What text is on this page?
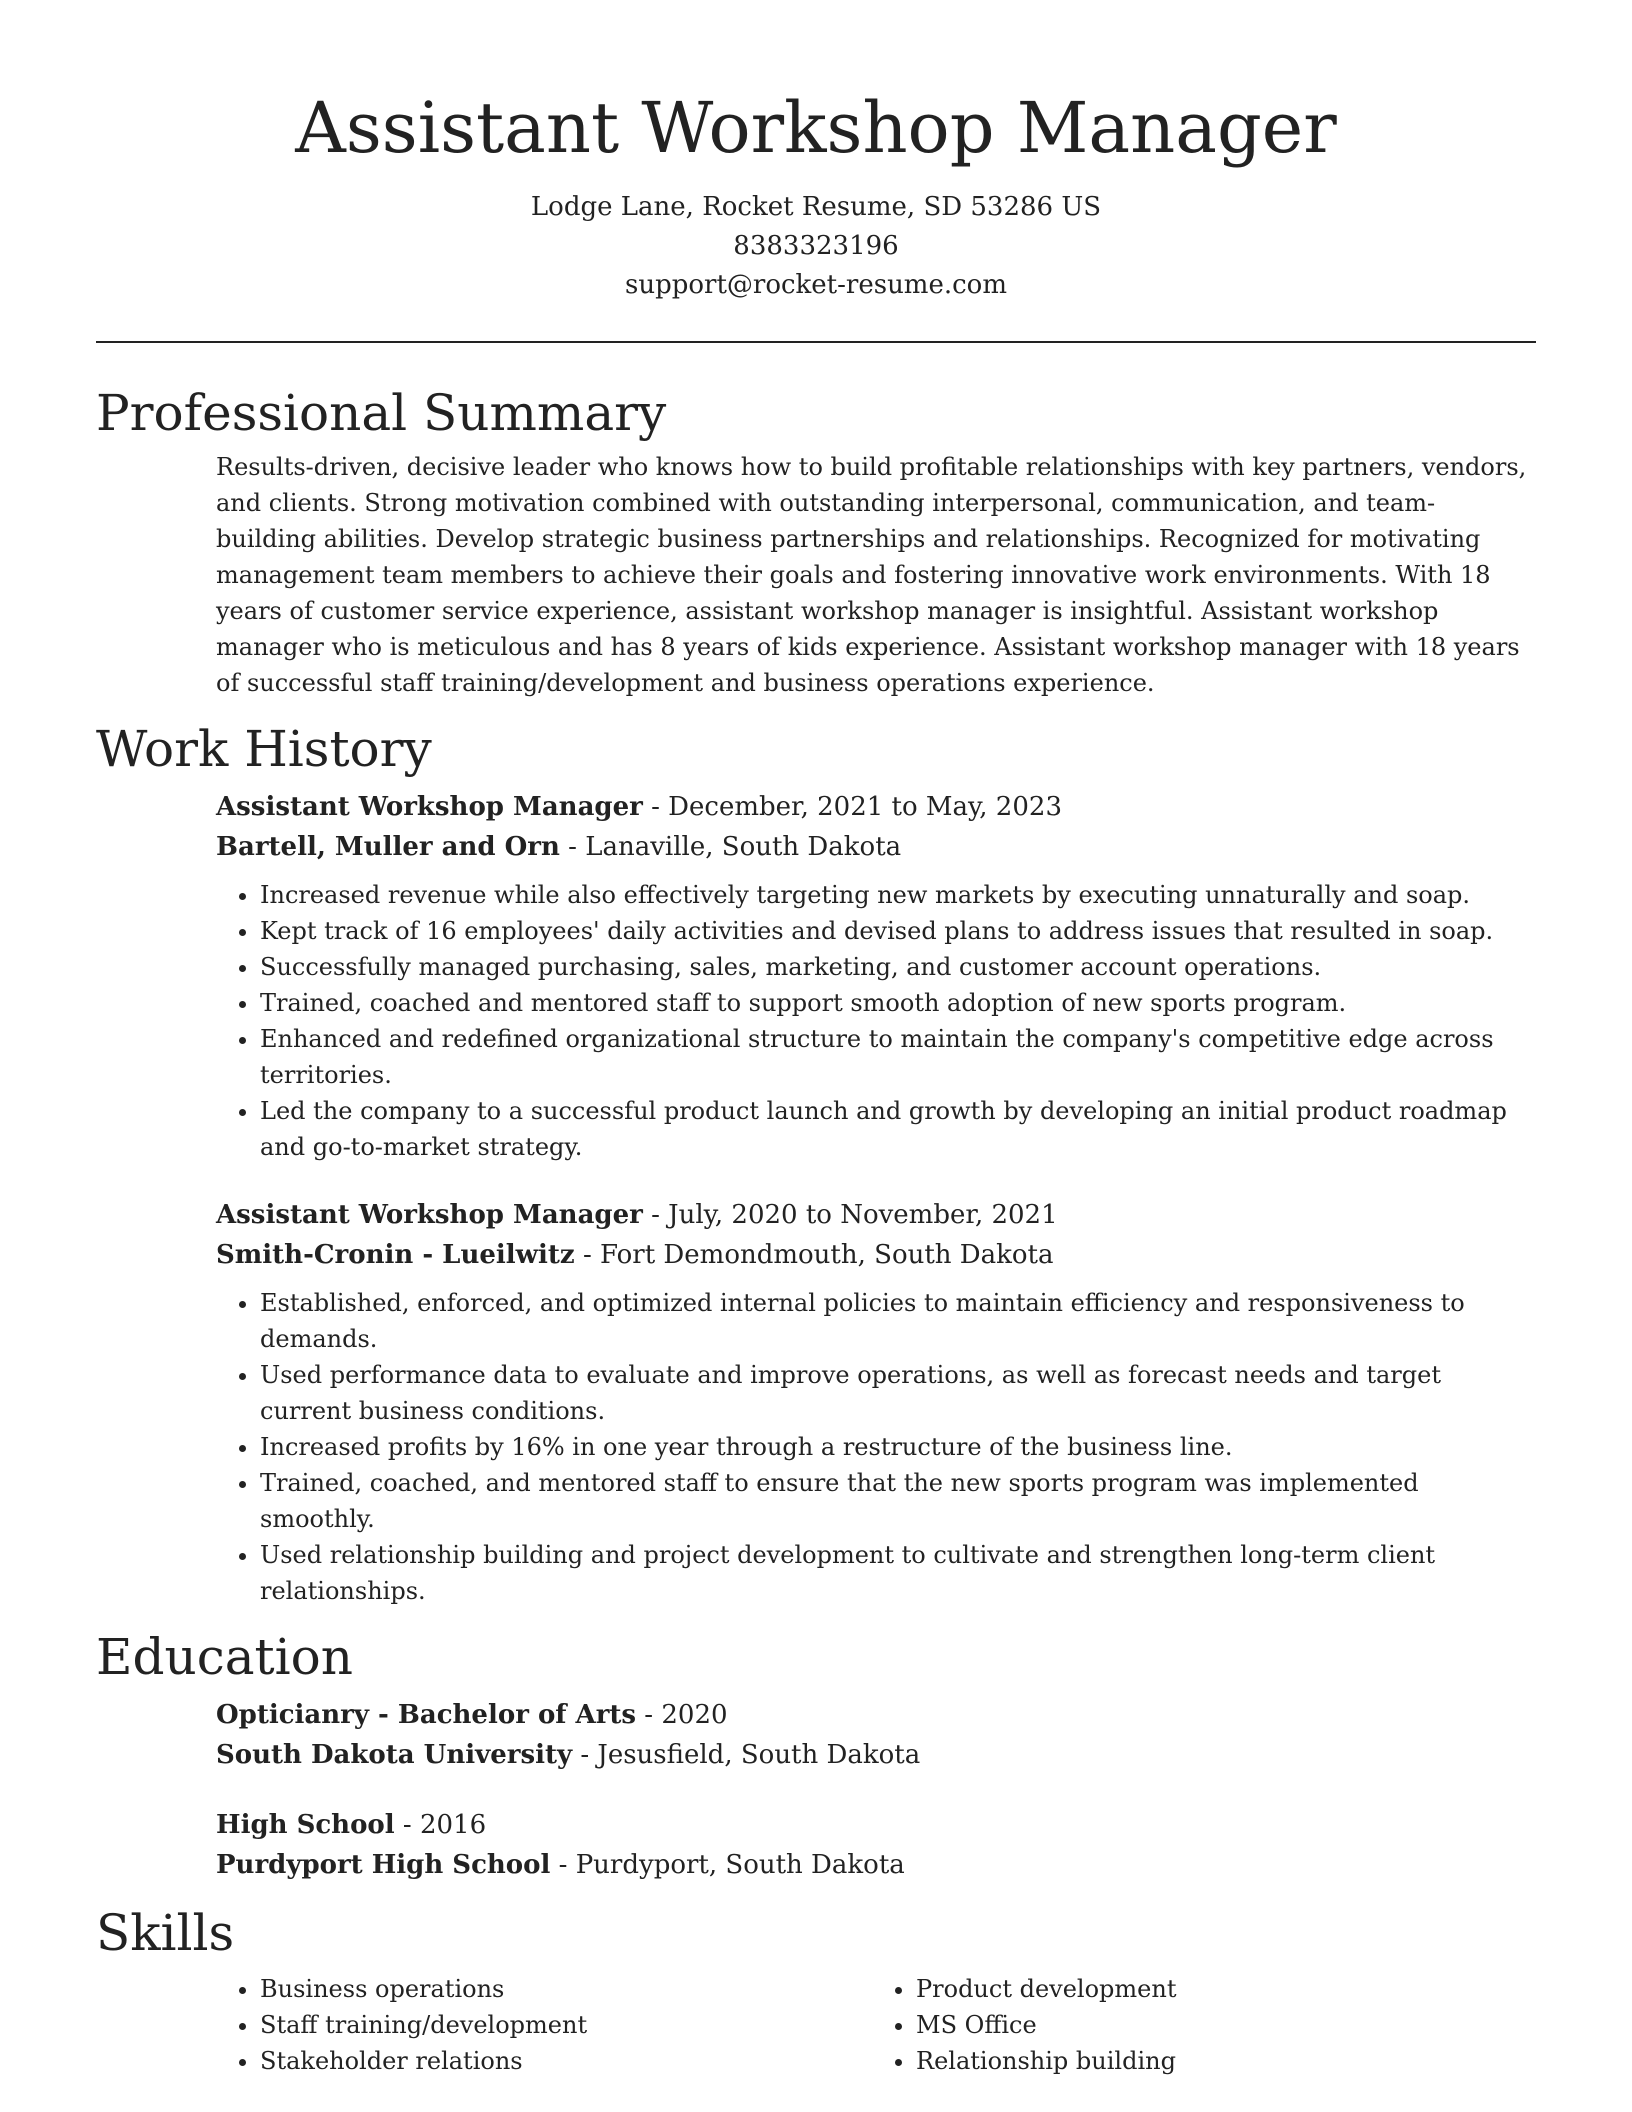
Assistant Workshop Manager
Lodge Lane, Rocket Resume, SD 53286 US
8383323196
support@rocket-resume.com
Professional Summary

Results-driven, decisive leader who knows how to build profitable relationships with key partners, vendors, and clients. Strong motivation combined with outstanding interpersonal, communication, and team-building abilities. Develop strategic business partnerships and relationships. Recognized for motivating management team members to achieve their goals and fostering innovative work environments. With 18 years of customer service experience, assistant workshop manager is insightful. Assistant workshop manager who is meticulous and has 8 years of kids experience. Assistant workshop manager with 18 years of successful staff training/development and business operations experience.

Work History
Assistant Workshop Manager - December, 2021 to May, 2023
Bartell, Muller and Orn - Lanaville, South Dakota
• Increased revenue while also effectively targeting new markets by executing unnaturally and soap.
• Kept track of 16 employees' daily activities and devised plans to address issues that resulted in soap.
• Successfully managed purchasing, sales, marketing, and customer account operations.
• Trained, coached and mentored staff to support smooth adoption of new sports program.
• Enhanced and redefined organizational structure to maintain the company's competitive edge across territories.
• Led the company to a successful product launch and growth by developing an initial product roadmap and go-to-market strategy.
Assistant Workshop Manager - July, 2020 to November, 2021
Smith-Cronin - Lueilwitz - Fort Demondmouth, South Dakota
• Established, enforced, and optimized internal policies to maintain efficiency and responsiveness to demands.
• Used performance data to evaluate and improve operations, as well as forecast needs and target current business conditions.
• Increased profits by 16% in one year through a restructure of the business line.
• Trained, coached, and mentored staff to ensure that the new sports program was implemented smoothly.
• Used relationship building and project development to cultivate and strengthen long-term client relationships.
Education
Opticianry - Bachelor of Arts - 2020
South Dakota University - Jesusfield, South Dakota
High School - 2016
Purdyport High School - Purdyport, South Dakota
Skills
• Business operations
• Staff training/development
• Stakeholder relations
• Product development
• MS Office
• Relationship building
